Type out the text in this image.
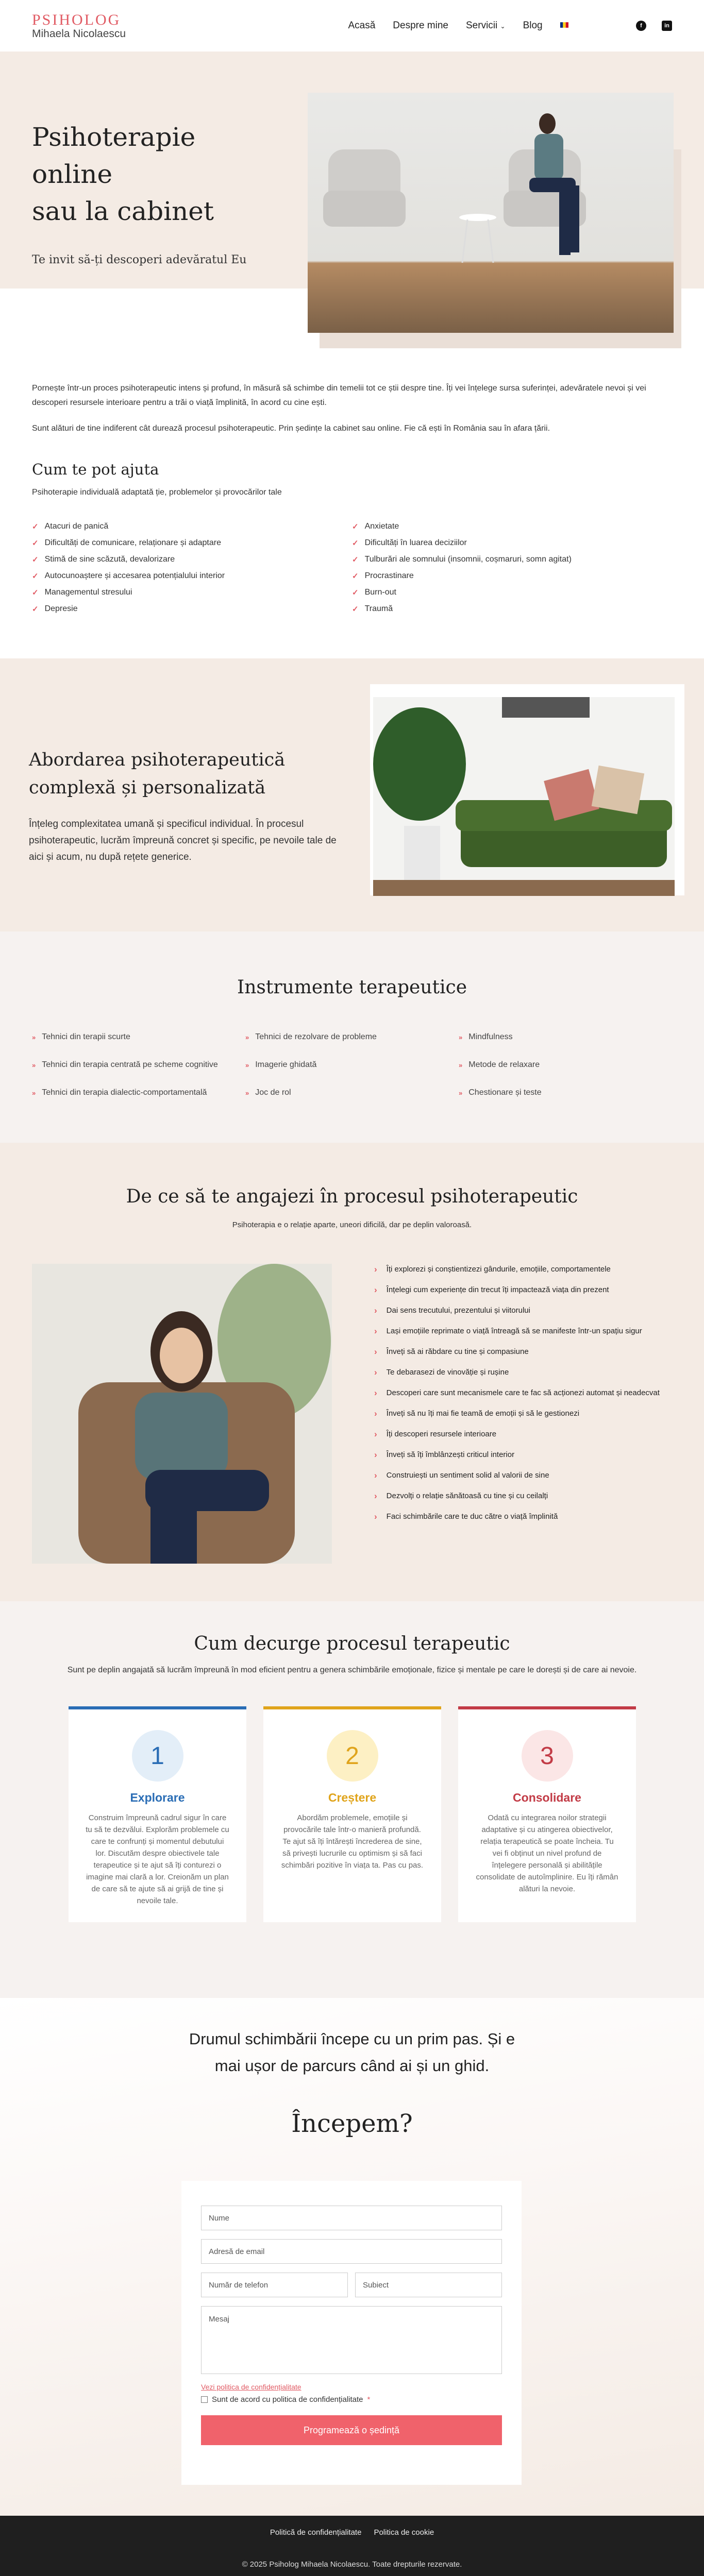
PSIHOLOG
Mihaela Nicolaescu
Acasă Despre mine Servicii ⌄ Blog	f	in
Psihoterapie online
sau la cabinet

Te invit să-ți descoperi adevăratul Eu

Pornește într-un proces psihoterapeutic intens și profund, în măsură să schimbe din temelii tot ce știi despre tine. Îți vei înțelege sursa suferinței, adevăratele nevoi și vei descoperi resursele interioare pentru a trăi o viață împlinită, în acord cu cine ești.

Sunt alături de tine indiferent cât durează procesul psihoterapeutic. Prin ședințe la cabinet sau online. Fie că ești în România sau în afara țării.

Cum te pot ajuta

Psihoterapie individuală adaptată ție, problemelor și provocărilor tale

✓ Atacuri de panică
✓ Dificultăți de comunicare, relaționare și adaptare
✓ Stimă de sine scăzută, devalorizare
✓ Autocunoaștere și accesarea potențialului interior
✓ Managementul stresului
✓ Depresie
✓ Anxietate
✓ Dificultăți în luarea deciziilor
✓ Tulburări ale somnului (insomnii, coșmaruri, somn agitat)
✓ Procrastinare
✓ Burn-out
✓ Traumă
Abordarea psihoterapeutică
complexă și personalizată

Înțeleg complexitatea umană și specificul individual. În procesul psihoterapeutic, lucrăm împreună concret și specific, pe nevoile tale de aici și acum, nu după rețete generice.

Instrumente terapeutice
» Tehnici din terapii scurte	» Tehnici de rezolvare de probleme	» Mindfulness
» Tehnici din terapia centrată pe scheme cognitive	» Imagerie ghidată	» Metode de relaxare
» Tehnici din terapia dialectic-comportamentală	» Joc de rol	» Chestionare și teste
De ce să te angajezi în procesul psihoterapeutic

Psihoterapia e o relație aparte, uneori dificilă, dar pe deplin valoroasă.

› Îți explorezi și conștientizezi gândurile, emoțiile, comportamentele
› Înțelegi cum experiențe din trecut îți impactează viața din prezent
› Dai sens trecutului, prezentului și viitorului
› Lași emoțiile reprimate o viață întreagă să se manifeste într-un spațiu sigur
› Înveți să ai răbdare cu tine și compasiune
› Te debarasezi de vinovăție și rușine
› Descoperi care sunt mecanismele care te fac să acționezi automat și neadecvat
› Înveți să nu îți mai fie teamă de emoții și să le gestionezi
› Îți descoperi resursele interioare
› Înveți să îți îmblânzești criticul interior
› Construiești un sentiment solid al valorii de sine
› Dezvolți o relație sănătoasă cu tine și cu ceilalți
› Faci schimbările care te duc către o viață împlinită
Cum decurge procesul terapeutic

Sunt pe deplin angajată să lucrăm împreună în mod eficient pentru a genera schimbările emoționale, fizice și mentale pe care le dorești și de care ai nevoie.

1
Explorare

Construim împreună cadrul sigur în care tu să te dezvălui. Explorăm problemele cu care te confrunți și momentul debutului lor. Discutăm despre obiectivele tale terapeutice și te ajut să îți conturezi o imagine mai clară a lor. Creionăm un plan de care să te ajute să ai grijă de tine și nevoile tale.

2
Creștere

Abordăm problemele, emoțiile și provocările tale într-o manieră profundă. Te ajut să îți întărești încrederea de sine, să privești lucrurile cu optimism și să faci schimbări pozitive în viața ta. Pas cu pas.

3
Consolidare

Odată cu integrarea noilor strategii adaptative și cu atingerea obiectivelor, relația terapeutică se poate încheia. Tu vei fi obținut un nivel profund de înțelegere personală și abilitățile consolidate de autoîmplinire. Eu îți rămân alături la nevoie.

Drumul schimbării începe cu un prim pas. Și e
mai ușor de parcurs când ai și un ghid.
Începem?
Nume
Adresă de email
Număr de telefon	Subiect
Mesaj
Vezi politica de confidențialitate
Sunt de acord cu politica de confidențialitate *
Programează o ședință
Politică de confidențialitate Politica de cookie
© 2025 Psiholog Mihaela Nicolaescu. Toate drepturile rezervate.
